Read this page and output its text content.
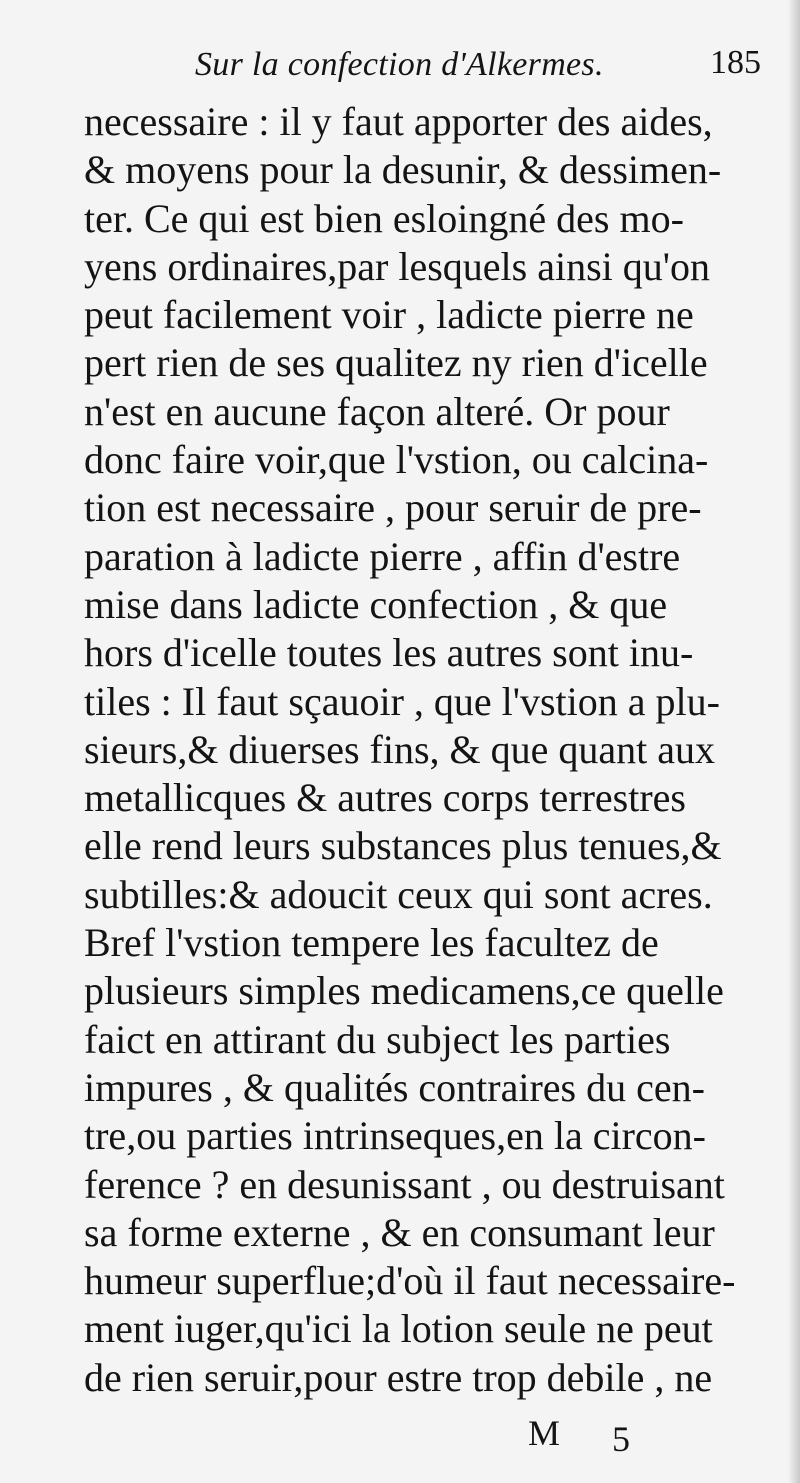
Sur la confection d'Alkermes.	185
necessaire : il y faut apporter des aides,
& moyens pour la desunir, & dessimen-
ter. Ce qui est bien esloingné des mo-
yens ordinaires,par lesquels ainsi qu'on
peut facilement voir , ladicte pierre ne
pert rien de ses qualitez ny rien d'icelle
n'est en aucune façon alteré. Or pour
donc faire voir,que l'vstion, ou calcina-
tion est necessaire , pour seruir de pre-
paration à ladicte pierre , affin d'estre
mise dans ladicte confection , & que
hors d'icelle toutes les autres sont inu-
tiles : Il faut sçauoir , que l'vstion a plu-
sieurs,& diuerses fins, & que quant aux
metallicques & autres corps terrestres
elle rend leurs substances plus tenues,&
subtilles:& adoucit ceux qui sont acres.
Bref l'vstion tempere les facultez de
plusieurs simples medicamens,ce quelle
faict en attirant du subject les parties
impures , & qualités contraires du cen-
tre,ou parties intrinseques,en la circon-
ference ? en desunissant , ou destruisant
sa forme externe , & en consumant leur
humeur superflue;d'où il faut necessaire-
ment iuger,qu'ici la lotion seule ne peut
de rien seruir,pour estre trop debile , ne
M 5
